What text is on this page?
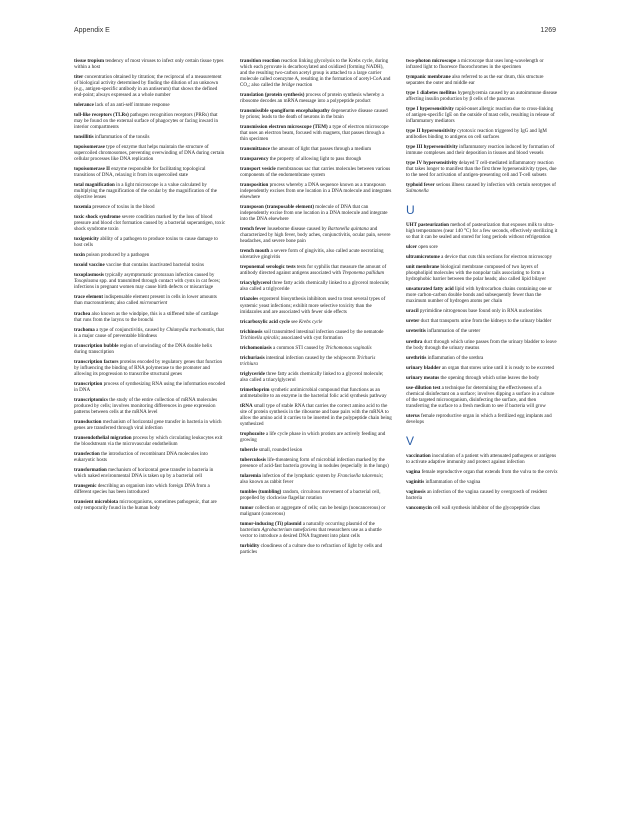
Appendix E	1269

tissue tropism tendency of most viruses to infect only certain tissue types within a host

titer concentration obtained by titration; the reciprocal of a measurement of biological activity determined by finding the dilution of an unknown (e.g., antigen-specific antibody in an antiserum) that shows the defined end-point; always expressed as a whole number

tolerance lack of an anti-self immune response

toll-like receptors (TLRs) pathogen recognition receptors (PRRs) that may be found on the external surface of phagocytes or facing inward in interior compartments

tonsillitis inflammation of the tonsils

topoisomerase type of enzyme that helps maintain the structure of supercoiled chromosomes, preventing overwinding of DNA during certain cellular processes like DNA replication

topoisomerase II enzyme responsible for facilitating topological transitions of DNA, relaxing it from its supercoiled state

total magnification in a light microscope is a value calculated by multiplying the magnification of the ocular by the magnification of the objective lenses

toxemia presence of toxins in the blood

toxic shock syndrome severe condition marked by the loss of blood pressure and blood clot formation caused by a bacterial superantigen, toxic shock syndrome toxin

toxigenicity ability of a pathogen to produce toxins to cause damage to host cells

toxin poison produced by a pathogen

toxoid vaccine vaccine that contains inactivated bacterial toxins

toxoplasmosis typically asymptomatic protozoan infection caused by Toxoplasma spp. and transmitted through contact with cysts in cat feces; infections in pregnant women may cause birth defects or miscarriage

trace element indispensable element present in cells in lower amounts than macronutrients; also called micronutrient

trachea also known as the windpipe, this is a stiffened tube of cartilage that runs from the larynx to the bronchi

trachoma a type of conjunctivitis, caused by Chlamydia trachomatis, that is a major cause of preventable blindness

transcription bubble region of unwinding of the DNA double helix during transcription

transcription factors proteins encoded by regulatory genes that function by influencing the binding of RNA polymerase to the promoter and allowing its progression to transcribe structural genes

transcription process of synthesizing RNA using the information encoded in DNA

transcriptomics the study of the entire collection of mRNA molecules produced by cells; involves monitoring differences in gene expression patterns between cells at the mRNA level

transduction mechanism of horizontal gene transfer in bacteria in which genes are transferred through viral infection

transendothelial migration process by which circulating leukocytes exit the bloodstream via the microvascular endothelium

transfection the introduction of recombinant DNA molecules into eukaryotic hosts

transformation mechanism of horizontal gene transfer in bacteria in which naked environmental DNA is taken up by a bacterial cell

transgenic describing an organism into which foreign DNA from a different species has been introduced

transient microbiota microorganisms, sometimes pathogenic, that are only temporarily found in the human body

transition reaction reaction linking glycolysis to the Krebs cycle, during which each pyruvate is decarboxylated and oxidized (forming NADH), and the resulting two-carbon acetyl group is attached to a large carrier molecule called coenzyme A, resulting in the formation of acetyl-CoA and CO₂; also called the bridge reaction

translation (protein synthesis) process of protein synthesis whereby a ribosome decodes an mRNA message into a polypeptide product

transmissible spongiform encephalopathy degenerative disease caused by prions; leads to the death of neurons in the brain

transmission electron microscope (TEM) a type of electron microscope that uses an electron beam, focused with magnets, that passes through a thin specimen

transmittance the amount of light that passes through a medium

transparency the property of allowing light to pass through

transport vesicle membranous sac that carries molecules between various components of the endomembrane system

transposition process whereby a DNA sequence known as a transposon independently excises from one location in a DNA molecule and integrates elsewhere

transposon (transposable element) molecule of DNA that can independently excise from one location in a DNA molecule and integrate into the DNA elsewhere

trench fever louseborne disease caused by Bartonella quintana and characterized by high fever, body aches, conjunctivitis, ocular pain, severe headaches, and severe bone pain

trench mouth a severe form of gingivitis, also called acute necrotizing ulcerative gingivitis

treponemal serologic tests tests for syphilis that measure the amount of antibody directed against antigens associated with Treponema pallidum

triacylglycerol three fatty acids chemically linked to a glycerol molecule; also called a triglyceride

triazoles ergosterol biosynthesis inhibitors used to treat several types of systemic yeast infections; exhibit more selective toxicity than the imidazoles and are associated with fewer side effects

tricarboxylic acid cycle see Krebs cycle

trichinosis soil transmitted intestinal infection caused by the nematode Trichinella spiralis; associated with cyst formation

trichomoniasis a common STI caused by Trichomonas vaginalis

trichuriasis intestinal infection caused by the whipworm Trichuris trichiura

triglyceride three fatty acids chemically linked to a glycerol molecule; also called a triacylglycerol

trimethoprim synthetic antimicrobial compound that functions as an antimetabolite to an enzyme in the bacterial folic acid synthesis pathway

tRNA small type of stable RNA that carries the correct amino acid to the site of protein synthesis in the ribosome and base pairs with the mRNA to allow the amino acid it carries to be inserted in the polypeptide chain being synthesized

trophozoite a life cycle phase in which protists are actively feeding and growing

tubercle small, rounded lesion

tuberculosis life-threatening form of microbial infection marked by the presence of acid-fast bacteria growing in nodules (especially in the lungs)

tularemia infection of the lymphatic system by Francisella tularensis; also known as rabbit fever

tumbles (tumbling) random, circuitous movement of a bacterial cell, propelled by clockwise flagellar rotation

tumor collection or aggregate of cells; can be benign (noncancerous) or malignant (cancerous)

tumor-inducing (Ti) plasmid a naturally occurring plasmid of the bacterium Agrobacterium tumefaciens that researchers use as a shuttle vector to introduce a desired DNA fragment into plant cells

turbidity cloudiness of a culture due to refraction of light by cells and particles

two-photon microscope a microscope that uses long-wavelength or infrared light to fluoresce fluorochromes in the specimen

tympanic membrane also referred to as the ear drum, this structure separates the outer and middle ear

type 1 diabetes mellitus hyperglycemia caused by an autoimmune disease affecting insulin production by β cells of the pancreas

type I hypersensitivity rapid-onset allergic reaction due to cross-linking of antigen-specific IgE on the outside of mast cells, resulting in release of inflammatory mediators

type II hypersensitivity cytotoxic reaction triggered by IgG and IgM antibodies binding to antigens on cell surfaces

type III hypersensitivity inflammatory reaction induced by formation of immune complexes and their deposition in tissues and blood vessels

type IV hypersensitivity delayed T cell-mediated inflammatory reaction that takes longer to manifest than the first three hypersensitivity types, due to the need for activation of antigen-presenting cell and T-cell subsets

typhoid fever serious illness caused by infection with certain serotypes of Salmonella

U

UHT pasteurization method of pasteurization that exposes milk to ultra-high temperatures (near 140 °C) for a few seconds, effectively sterilizing it so that it can be sealed and stored for long periods without refrigeration

ulcer open sore

ultramicrotome a device that cuts thin sections for electron microscopy

unit membrane biological membrane composed of two layers of phospholipid molecules with the nonpolar tails associating to form a hydrophobic barrier between the polar heads; also called lipid bilayer

unsaturated fatty acid lipid with hydrocarbon chains containing one or more carbon-carbon double bonds and subsequently fewer than the maximum number of hydrogen atoms per chain

uracil pyrimidine nitrogenous base found only in RNA nucleotides

ureter duct that transports urine from the kidneys to the urinary bladder

ureteritis inflammation of the ureter

urethra duct through which urine passes from the urinary bladder to leave the body through the urinary meatus

urethritis inflammation of the urethra

urinary bladder an organ that stores urine until it is ready to be excreted

urinary meatus the opening through which urine leaves the body

use-dilution test a technique for determining the effectiveness of a chemical disinfectant on a surface; involves dipping a surface in a culture of the targeted microorganism, disinfecting the surface, and then transferring the surface to a fresh medium to see if bacteria will grow

uterus female reproductive organ in which a fertilized egg implants and develops

V

vaccination inoculation of a patient with attenuated pathogens or antigens to activate adaptive immunity and protect against infection

vagina female reproductive organ that extends from the vulva to the cervix

vaginitis inflammation of the vagina

vaginosis an infection of the vagina caused by overgrowth of resident bacteria

vancomycin cell wall synthesis inhibitor of the glycopeptide class
